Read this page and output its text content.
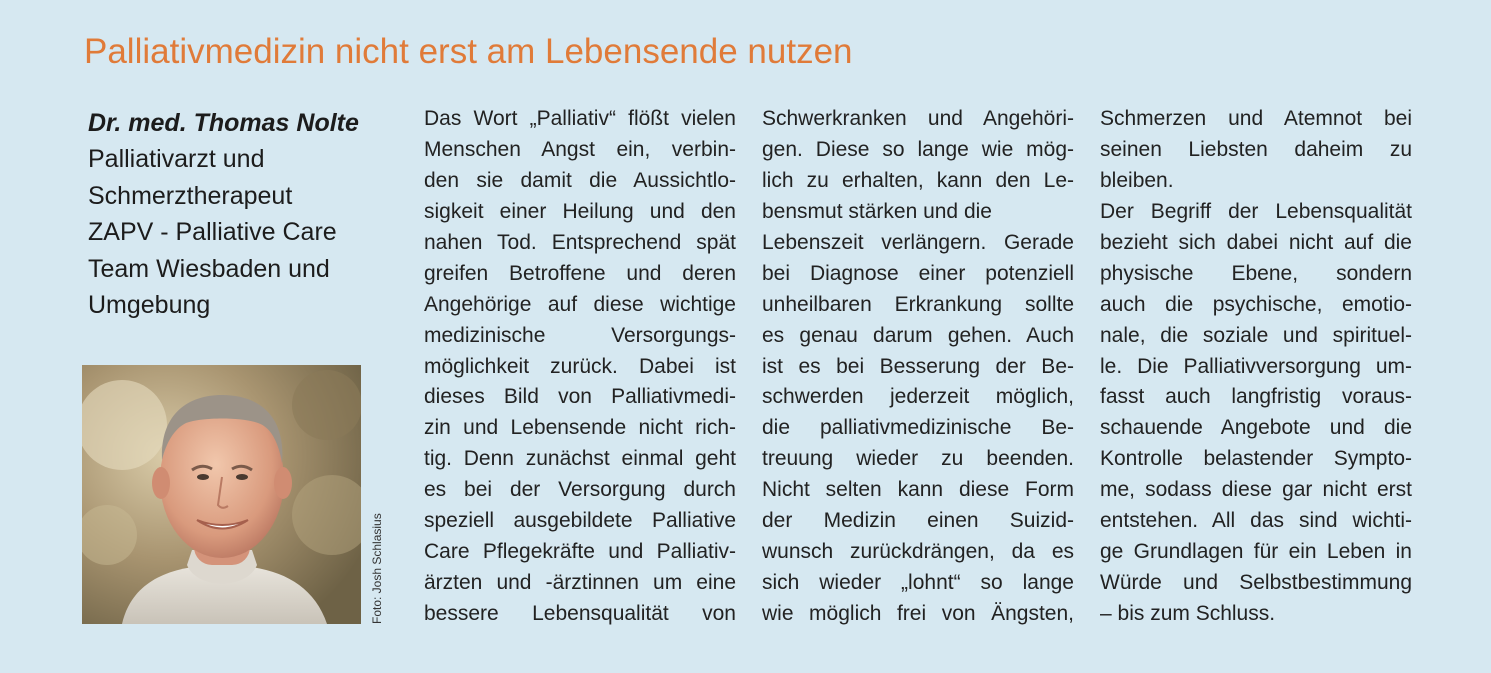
Palliativmedizin nicht erst am Lebensende nutzen
Dr. med. Thomas Nolte
Palliativarzt und
Schmerztherapeut
ZAPV - Palliative Care
Team Wiesbaden und
Umgebung
Foto: Josh Schlasius
Das Wort „Palliativ“ flößt vielen
Menschen Angst ein, verbin-
den sie damit die Aussichtlo-
sigkeit einer Heilung und den
nahen Tod. Entsprechend spät
greifen Betroffene und deren
Angehörige auf diese wichtige
medizinische Versorgungs-
möglichkeit zurück. Dabei ist
dieses Bild von Palliativmedi-
zin und Lebensende nicht rich-
tig. Denn zunächst einmal geht
es bei der Versorgung durch
speziell ausgebildete Palliative
Care Pflegekräfte und Palliativ-
ärzten und -ärztinnen um eine
bessere Lebensqualität von
Schwerkranken und Angehöri-
gen. Diese so lange wie mög-
lich zu erhalten, kann den Le-
bensmut stärken und die
Lebenszeit verlängern. Gerade
bei Diagnose einer potenziell
unheilbaren Erkrankung sollte
es genau darum gehen. Auch
ist es bei Besserung der Be-
schwerden jederzeit möglich,
die palliativmedizinische Be-
treuung wieder zu beenden.
Nicht selten kann diese Form
der Medizin einen Suizid-
wunsch zurückdrängen, da es
sich wieder „lohnt“ so lange
wie möglich frei von Ängsten,
Schmerzen und Atemnot bei
seinen Liebsten daheim zu
bleiben.
Der Begriff der Lebensqualität
bezieht sich dabei nicht auf die
physische Ebene, sondern
auch die psychische, emotio-
nale, die soziale und spirituel-
le. Die Palliativversorgung um-
fasst auch langfristig voraus-
schauende Angebote und die
Kontrolle belastender Sympto-
me, sodass diese gar nicht erst
entstehen. All das sind wichti-
ge Grundlagen für ein Leben in
Würde und Selbstbestimmung
– bis zum Schluss.
